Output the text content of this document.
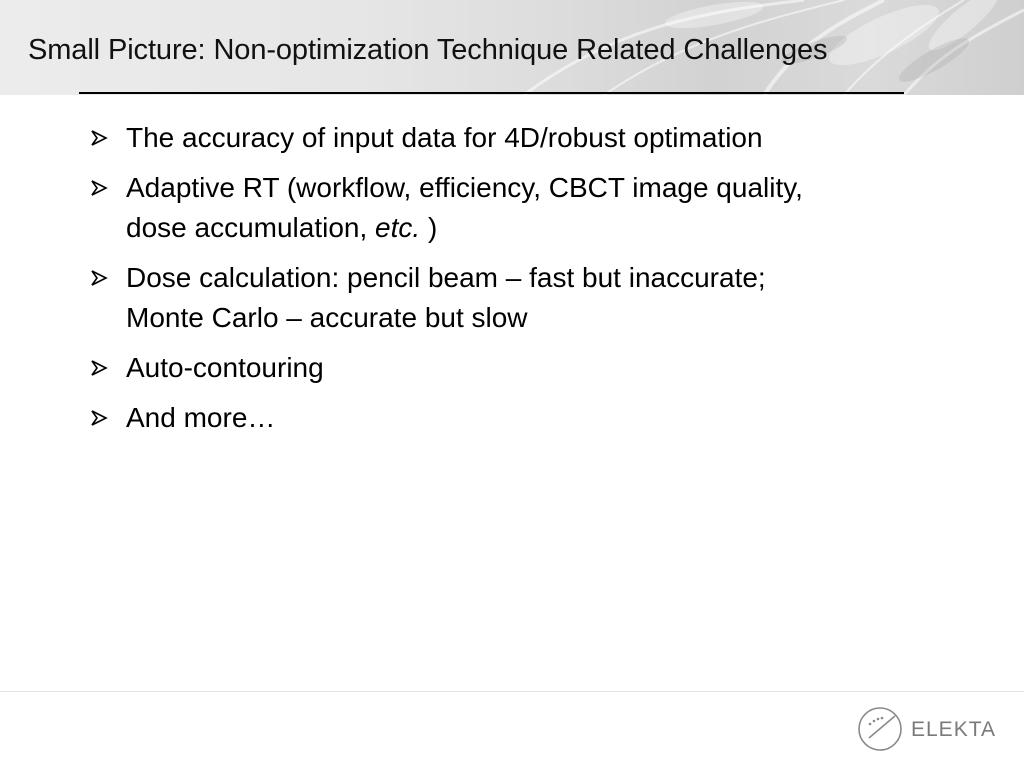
Small Picture: Non-optimization Technique Related Challenges
The accuracy of input data for 4D/robust optimation
Adaptive RT (workflow, efficiency, CBCT image quality,
dose accumulation, etc. )
Dose calculation: pencil beam – fast but inaccurate;
Monte Carlo – accurate but slow
Auto-contouring
And more…
ELEKTA
